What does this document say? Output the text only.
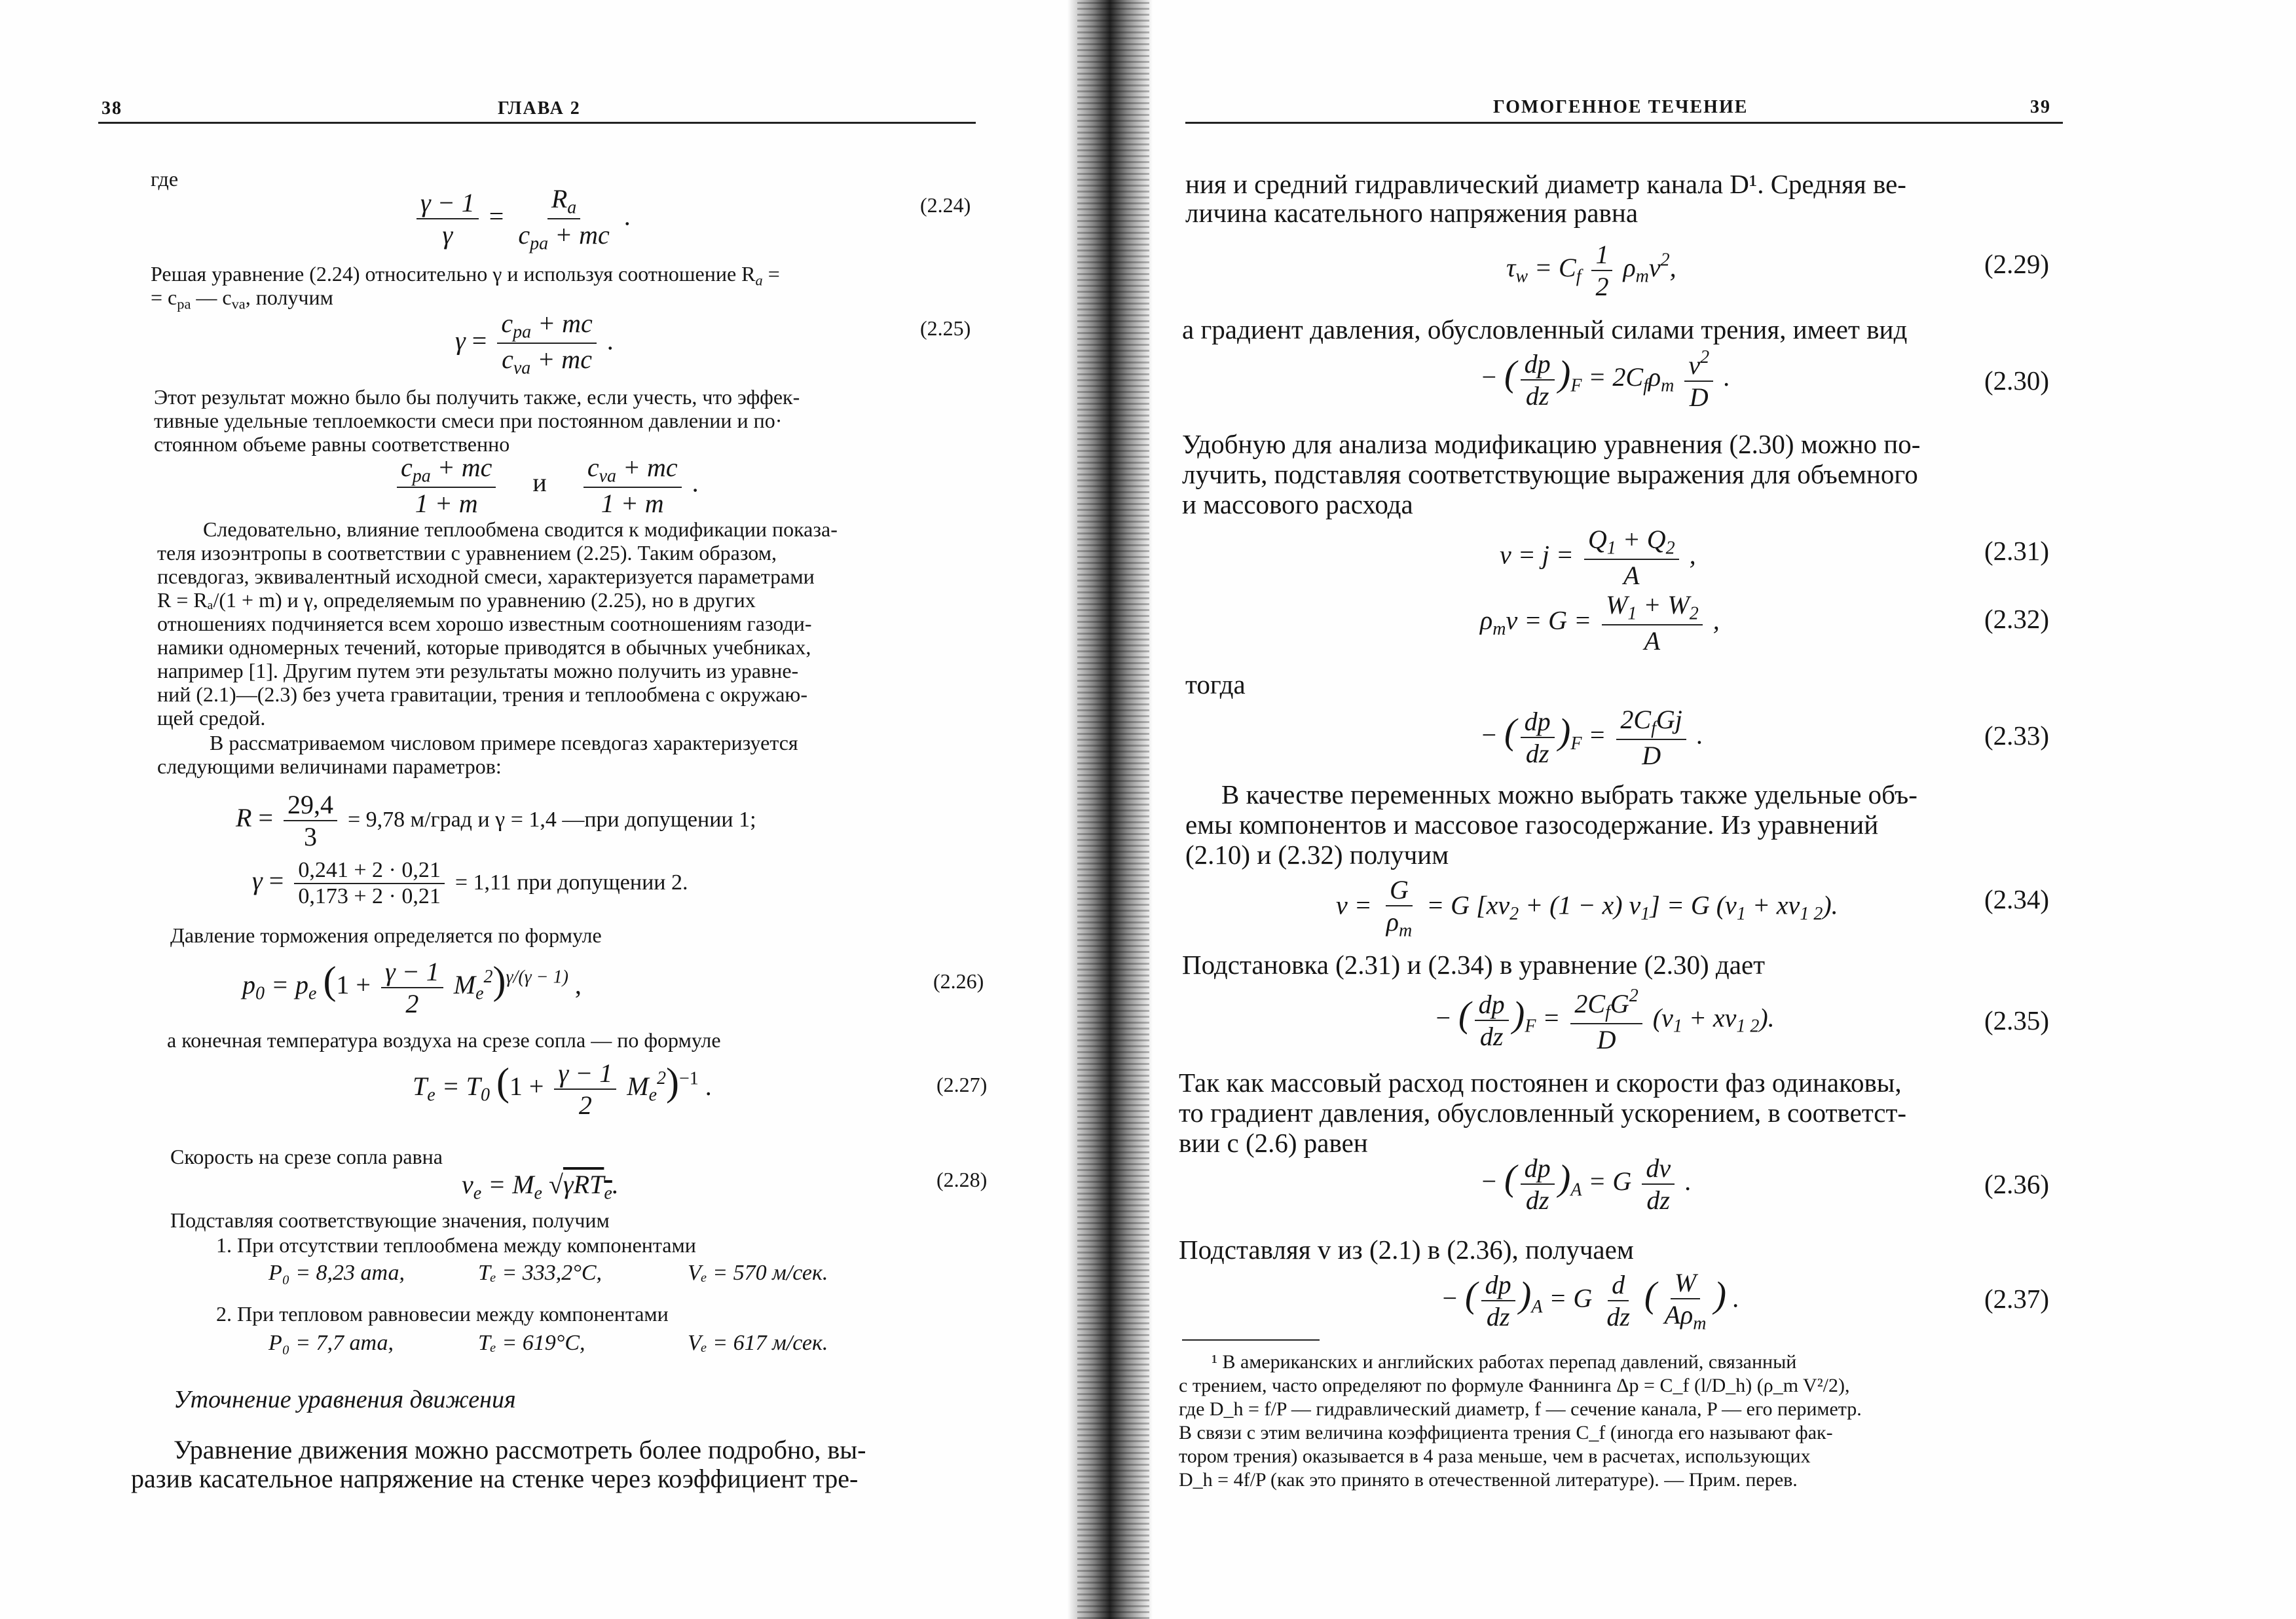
38	ГЛАВА 2
где
$\frac{\gamma - 1}{\gamma} = \frac{R_a}{c_{pa} + mc}$ .	(2.24)
Решая уравнение (2.24) относительно γ и используя соотношение $R_a$ =
= $c_{pa}$ — $c_{va}$, получим
$\gamma = \frac{c_{pa} + mc}{c_{va} + mc}$ .	(2.25)
Этот результат можно было бы получить также, если учесть, что эффек-
тивные удельные теплоемкости смеси при постоянном давлении и по·
стоянном объеме равны соответственно
$\frac{c_{pa} + mc}{1 + m}$ и $\frac{c_{va} + mc}{1 + m}$ .
Следовательно, влияние теплообмена сводится к модификации показа-
теля изоэнтропы в соответствии с уравнением (2.25). Таким образом,
псевдогаз, эквивалентный исходной смеси, характеризуется параметрами
R = Rₐ/(1 + m) и γ, определяемым по уравнению (2.25), но в других
отношениях подчиняется всем хорошо известным соотношениям газоди-
намики одномерных течений, которые приводятся в обычных учебниках,
например [1]. Другим путем эти результаты можно получить из уравне-
ний (2.1)—(2.3) без учета гравитации, трения и теплообмена с окружаю-
щей средой.
В рассматриваемом числовом примере псевдогаз характеризуется
следующими величинами параметров:
$R = \frac{29,4}{3} = 9,78$ м/град и γ = 1,4 —при допущении 1;
$\gamma = \frac{0,241 + 2 \cdot 0,21}{0,173 + 2 \cdot 0,21} = 1,11$ при допущении 2.
Давление торможения определяется по формуле
$p_0 = p_e$ $(1 + \frac{\gamma - 1}{2} M_e^2)^{\gamma/(\gamma - 1)}$ ,	(2.26)
а конечная температура воздуха на срезе сопла — по формуле
$T_e = T_0$ $(1 + \frac{\gamma - 1}{2} M_e^2)^{-1}$ .	(2.27)
Скорость на срезе сопла равна
$v_e = M_e$ √γRT$_e$.	(2.28)
Подставляя соответствующие значения, получим
1. При отсутствии теплообмена между компонентами
P₀ = 8,23 ата,	Tₑ = 333,2°C,	Vₑ = 570 м/сек.
2. При тепловом равновесии между компонентами
P₀ = 7,7 ата,	Tₑ = 619°C,	Vₑ = 617 м/сек.
Уточнение уравнения движения
Уравнение движения можно рассмотреть более подробно, вы-
разив касательное напряжение на стенке через коэффициент тре-
ГОМОГЕННОЕ ТЕЧЕНИЕ	39
ния и средний гидравлический диаметр канала D¹. Средняя ве-
личина касательного напряжения равна
$\tau_w = C_f \frac{1}{2} \rho_mv^2$,	(2.29)
а градиент давления, обусловленный силами трения, имеет вид
− ( $\frac{dp}{dz} )_F = 2C_f\rho_m \frac{v^2}{D}$ .	(2.30)
Удобную для анализа модификацию уравнения (2.30) можно по-
лучить, подставляя соответствующие выражения для объемного
и массового расхода
$v = j = \frac{Q_1 + Q_2}{A}$ ,	(2.31)
$\rho_mv = G = \frac{W_1 + W_2}{A}$ ,	(2.32)
тогда
− ( $\frac{dp}{dz} )_F = \frac{2C_fGj}{D}$ .	(2.33)
В качестве переменных можно выбрать также удельные объ-
емы компонентов и массовое газосодержание. Из уравнений
(2.10) и (2.32) получим
$v = \frac{G}{\rho_m} = G$ $[xv_2 + (1 - x) v_1] = G$ $(v_1 + xv_{1 2})$.	(2.34)
Подстановка (2.31) и (2.34) в уравнение (2.30) дает
− ( $\frac{dp}{dz} )_F = \frac{2C_fG^2}{D} (v_1 + xv_{1 2})$.	(2.35)
Так как массовый расход постоянен и скорости фаз одинаковы,
то градиент давления, обусловленный ускорением, в соответст-
вии с (2.6) равен
− ( $\frac{dp}{dz} )_A = G \frac{dv}{dz}$ .	(2.36)
Подставляя v из (2.1) в (2.36), получаем
− ( $\frac{dp}{dz} )_A = G \frac{d}{dz}$ ( $\frac{W}{A\rho_m}$ ) .	(2.37)
¹ В американских и английских работах перепад давлений, связанный
с трением, часто определяют по формуле Фаннинга Δp = C_f (l/D_h) (ρ_m V²/2),
где D_h = f/P — гидравлический диаметр, f — сечение канала, P — его периметр.
В связи с этим величина коэффициента трения C_f (иногда его называют фак-
тором трения) оказывается в 4 раза меньше, чем в расчетах, использующих
D_h = 4f/P (как это принято в отечественной литературе). — Прим. перев.
